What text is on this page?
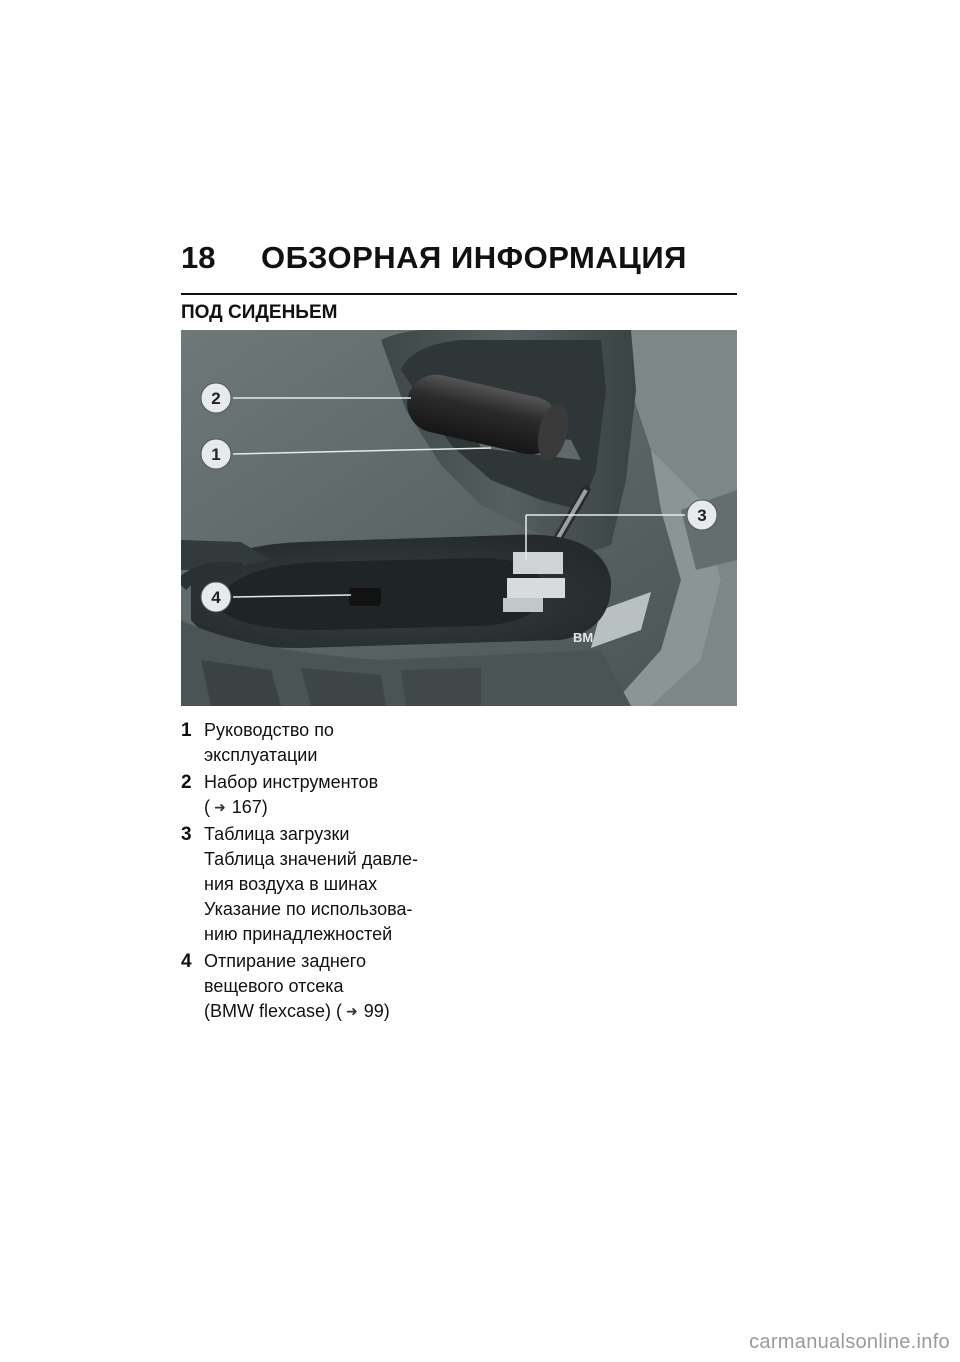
18	ОБЗОРНАЯ ИНФОРМАЦИЯ
ПОД СИДЕНЬЕМ
BM
2
1
3
4
1 Руководство по
эксплуатации
2 Набор инструментов
( ➜ 167)
3 Таблица загрузки
Таблица значений давле-
ния воздуха в шинах
Указание по использова-
нию принадлежностей
4 Отпирание заднего
вещевого отсека
(BMW flexcase) ( ➜ 99)
carmanualsonline.info
